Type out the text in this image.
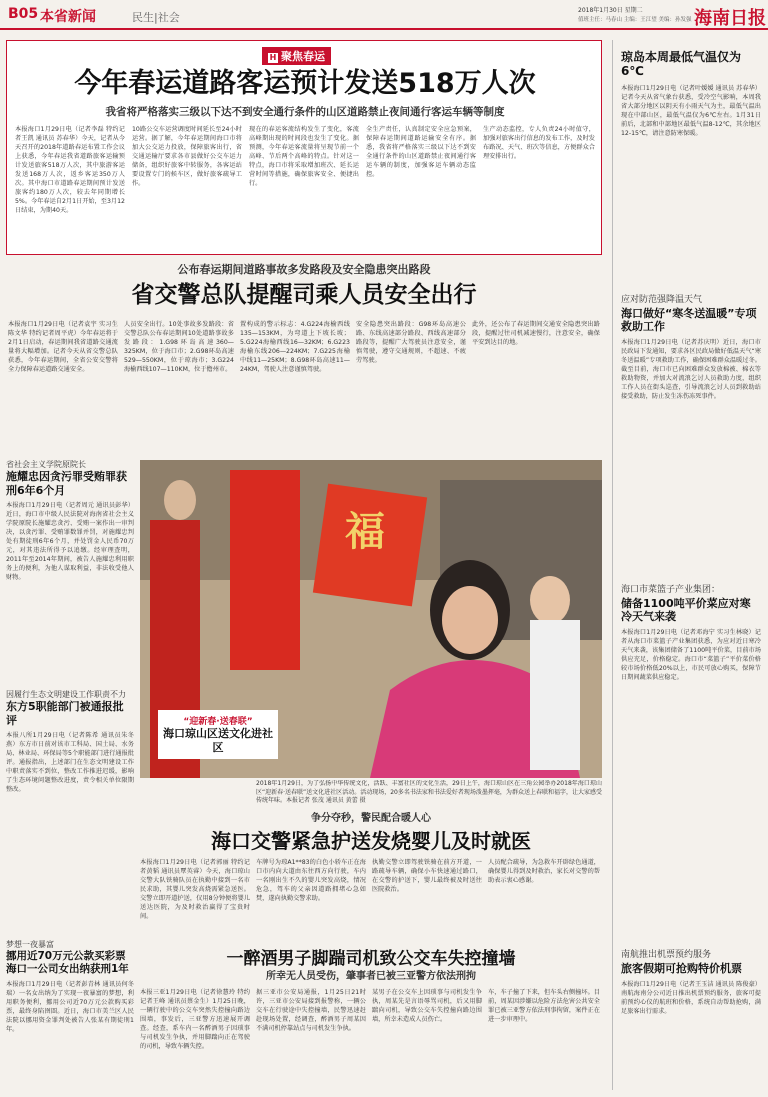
B05 本省新闻	民生|社会
2018年1月30日 星期二
值班主任：马春山 主编：王江望 美编：孙发强 海南日报
H 聚焦春运
今年春运道路客运预计发送518万人次
我省将严格落实三级以下达不到安全通行条件的山区道路禁止夜间通行客运车辆等制度
本报海口1月29日电（记者李磊 特约记者王凯 通讯员 苏春华）今天，记者从今天召开的2018年道路春运布置工作会议上获悉，今年春运我省道路旅客运输预计发送旅客518万人次，其中旅游客运发送168万人次，返乡客运350万人次。其中海口市道路春运期间预计发送旅客约180万人次，较去年同期增长5%。今年春运自2月1日开始，至3月12日结束，为期40天。
10路公交车运营调度时间延长至24小时运营。据了解，今年春运期间海口市将加大公交运力投放，保障旅客出行，省交通运输厅要求各市县做好公交车运力储备，组织好旅客中转服务，各客运站要设置专门的候车区，做好旅客疏导工作。
现在的春运客流结构发生了变化，客流高峰期出现的时间段也发生了变化。据预测，今年春运客流量将呈现节前一个高峰、节后两个高峰的特点。针对这一特点，海口市将采取增加班次、延长运营时间等措施，确保旅客安全、便捷出行。
全生产责任，认真制定安全应急预案，保障春运期间道路运输安全有序。据悉，我省将严格落实三级以下达不到安全通行条件的山区道路禁止夜间通行客运车辆的制度，加强客运车辆动态监控。
生产动态监控，专人负责24小时值守，加强对旅客出行信息的发布工作，及时发布路况、天气、班次等信息，方便群众合理安排出行。
公布春运期间道路事故多发路段及安全隐患突出路段
省交警总队提醒司乘人员安全出行
本报海口1月29日电（记者袁宇 实习生陈文华 特约记者周平虎）今年春运将于2月1日启动，春运期间我省道路交通流量将大幅增加。记者今天从省交警总队获悉，今年春运期间，全省公安交警将全力保障春运道路交通安全。
人员安全出行。10处事故多发路段：省交警总队公布春运期间10处道路事故多发路段：1.G98环岛高速360—325KM，位于海口市；2.G98环岛高速529—550KM，位于琼海市；3.G224海榆西线107—110KM，位于儋州市。
置构成的警示标志：4.G224海榆西线135—153KM，为弯道上下坡长坡；5.G224海榆西线16—32KM；6.G223海榆东线206—224KM；7.G225海榆中线11—25KM；8.G98环岛高速11—24KM，驾驶人注意谨慎驾驶。
安全隐患突出路段：G98环岛高速公路、东线高速部分路段、西线高速部分路段等，提醒广大驾驶员注意安全，谨慎驾驶，遵守交通规则，不超速、不疲劳驾驶。
此外，还公布了春运期间交通安全隐患突出路段，提醒过往司机减速慢行，注意安全，确保平安到达目的地。
琼岛本周最低气温仅为6℃
本报海口1月29日电（记者叶媛媛 通讯员 苏春华）记者今天从省气象台获悉，受冷空气影响，本周我省大部分地区以阴天有小雨天气为主，最低气温出现在中部山区，最低气温仅为6℃左右。1月31日前后，北部和中部地区最低气温8-12℃，其余地区12-15℃，请注意防寒保暖。
应对防范强降温天气
海口做好“寒冬送温暖”专项救助工作
本报海口1月29日电（记者苏庆明）近日，海口市民政局下发通知，要求各区民政局做好低温天气“寒冬送温暖”专项救助工作，确保困难群众温暖过冬。截至目前，海口市已向困难群众发放棉被、棉衣等救助物资，并加大对流浪乞讨人员救助力度，组织工作人员在街头巡查，引导流浪乞讨人员到救助站接受救助，防止发生冻伤冻死事件。
海口市菜篮子产业集团：
储备1100吨平价菜应对寒冷天气来袭
本报海口1月29日电（记者邓海宁 实习生林晓）记者从海口市菜篮子产业集团获悉，为应对近日寒冷天气来袭，该集团储备了1100吨平价菜，目前市场供应充足，价格稳定。海口市“菜篮子”平价菜价格较市场价格低20%以上，市民可放心购买，保障节日期间蔬菜供应稳定。
南航推出机票预约服务
旅客假期可抢购特价机票
本报海口1月29日电（记者王玉洁 通讯员 陈俊豪）南航海南分公司近日推出机票预约服务，旅客可提前预约心仪的航班和价格，系统自动帮助抢购，满足旅客出行需求。
省社会主义学院原院长
施耀忠因贪污罪受贿罪获刑6年6个月
本报海口1月29日电（记者周元 通讯员彭华）近日，海口市中级人民法院对海南省社会主义学院原院长施耀忠贪污、受贿一案作出一审判决，以贪污罪、受贿罪数罪并罚，对施耀忠判处有期徒刑6年6个月，并处罚金人民币70万元，对其违法所得予以追缴。经审理查明，2011年至2014年期间，被告人施耀忠利用职务上的便利，为他人谋取利益，非法收受他人财物。
因履行生态文明建设工作职责不力
东方5职能部门被通报批评
本报八所1月29日电（记者陈希 通讯员朱冬燕）东方市日前对该市工科局、国土局、水务局、林业局、环保局等5个职能部门进行通报批评。通报指出，上述部门在生态文明建设工作中职责落实不到位，整改工作推进迟缓，影响了生态环境问题整改进度，责令相关单位限期整改。
梦想一夜暴富
挪用近70万元公款买彩票海口一公司女出纳获刑1年
本报海口1月29日电（记者彭青林 通讯员何冬瑞）一名女出纳为了实现一夜暴富的梦想，利用职务便利，挪用公司近70万元公款购买彩票，最终身陷囹圄。近日，海口市美兰区人民法院以挪用资金罪判处被告人张某有期徒刑1年。
福
“迎新春·送春联”
海口琼山区送文化进社区
2018年1月29日，为了弘扬中华传统文化，活跃、丰富社区的文化生活，29日上午，海口琼山区在三角公园举办2018年海口琼山区“迎新春·送春联”送文化进社区活动。活动现场，20多名书法家和书法爱好者现场泼墨挥毫，为群众送上春联和福字，让大家感受传统年味。本报记者 张茂 通讯员 黄蕾 摄
争分夺秒，警民配合暖人心
海口交警紧急护送发烧婴儿及时就医
本报海口1月29日电（记者郭丽 特约记者黄韬 通讯员覃英睿）今天，海口琼山交警大队铁骑队员在执勤中接到一名市民求助，其婴儿突发高烧需紧急送医。交警立即开道护送，仅用8分钟便将婴儿送达医院，为及时救治赢得了宝贵时间。
车牌号为琼A1**83的白色小轿车正在海口市内向大道由东往西方向行驶，车内一名刚出生不久的婴儿突发高烧，情况危急，驾车的父亲因道路拥堵心急如焚，遂向执勤交警求助。
执勤交警立即驾驶铁骑在前方开道，一路疏导车辆，确保小车快速通过路口，在交警的护送下，婴儿最终被及时送往医院救治。
人员配合疏导，为急救车开辟绿色通道，确保婴儿得到及时救治，家长对交警的帮助表示衷心感谢。
一醉酒男子脚踹司机致公交车失控撞墙
所幸无人员受伤，肇事者已被三亚警方依法刑拘
本报三亚1月29日电（记者徐慧玲 特约记者王峰 通讯员蔡金生）1月25日晚，一辆行驶中的公交车突然失控撞向路边围墙，事发后，三亚警方迅速展开调查。经查，系车内一名醉酒男子因琐事与司机发生争执，并用脚踹向正在驾驶的司机，导致车辆失控。
据三亚市公安局通报，1月25日21时许，三亚市公安局接到报警称，一辆公交车在行驶途中失控撞墙，民警迅速赶赴现场处置，经调查，醉酒男子周某因不满司机停靠站点与司机发生争执。
某男子在公交车上因琐事与司机发生争执，周某先是言语辱骂司机，后又用脚踹向司机，导致公交车失控撞向路边围墙，所幸未造成人员伤亡。
车，车子撞了下来，但车头右侧撞坏。目前，周某因涉嫌以危险方法危害公共安全罪已被三亚警方依法刑事拘留，案件正在进一步审理中。
